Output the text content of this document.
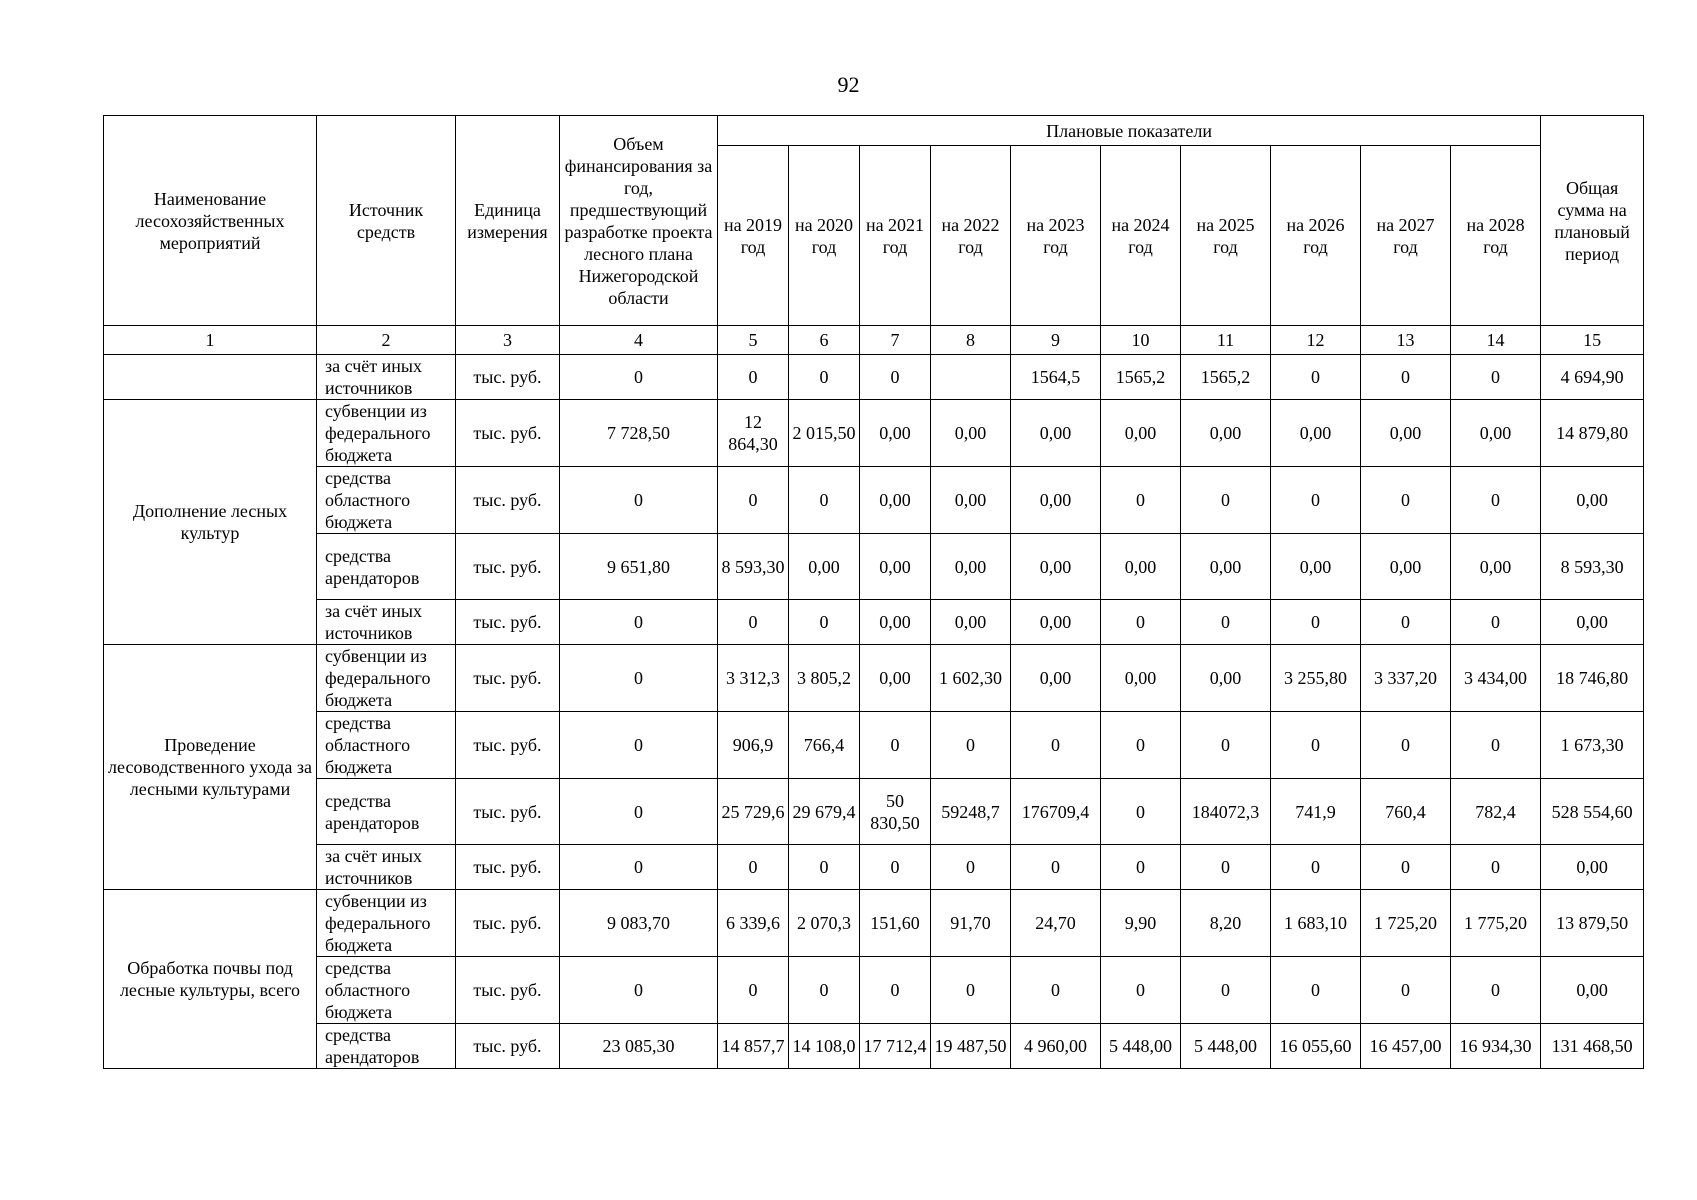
92
Наименование лесохозяйственных мероприятий	Источник средств	Единица измерения	Объем финансирования за год, предшествующий разработке проекта лесного плана Нижегородской области	Плановые показатели										Общая сумма на плановый период
				на 2019 год	на 2020 год	на 2021 год	на 2022 год	на 2023 год	на 2024 год	на 2025 год	на 2026 год	на 2027 год	на 2028 год	
1	2	3	4	5	6	7	8	9	10	11	12	13	14	15
	за счёт иных источников	тыс. руб.	0	0	0	0		1564,5	1565,2	1565,2	0	0	0	4 694,90
Дополнение лесных культур	субвенции из федерального бюджета	тыс. руб.	7 728,50	12 864,30	2 015,50	0,00	0,00	0,00	0,00	0,00	0,00	0,00	0,00	14 879,80
	средства областного бюджета	тыс. руб.	0	0	0	0,00	0,00	0,00	0	0	0	0	0	0,00
	средства арендаторов	тыс. руб.	9 651,80	8 593,30	0,00	0,00	0,00	0,00	0,00	0,00	0,00	0,00	0,00	8 593,30
	за счёт иных источников	тыс. руб.	0	0	0	0,00	0,00	0,00	0	0	0	0	0	0,00
Проведение лесоводственного ухода за лесными культурами	субвенции из федерального бюджета	тыс. руб.	0	3 312,3	3 805,2	0,00	1 602,30	0,00	0,00	0,00	3 255,80	3 337,20	3 434,00	18 746,80
	средства областного бюджета	тыс. руб.	0	906,9	766,4	0	0	0	0	0	0	0	0	1 673,30
	средства арендаторов	тыс. руб.	0	25 729,6	29 679,4	50 830,50	59248,7	176709,4	0	184072,3	741,9	760,4	782,4	528 554,60
	за счёт иных источников	тыс. руб.	0	0	0	0	0	0	0	0	0	0	0	0,00
Обработка почвы под лесные культуры, всего	субвенции из федерального бюджета	тыс. руб.	9 083,70	6 339,6	2 070,3	151,60	91,70	24,70	9,90	8,20	1 683,10	1 725,20	1 775,20	13 879,50
	средства областного бюджета	тыс. руб.	0	0	0	0	0	0	0	0	0	0	0	0,00
	средства арендаторов	тыс. руб.	23 085,30	14 857,7	14 108,0	17 712,4	19 487,50	4 960,00	5 448,00	5 448,00	16 055,60	16 457,00	16 934,30	131 468,50
